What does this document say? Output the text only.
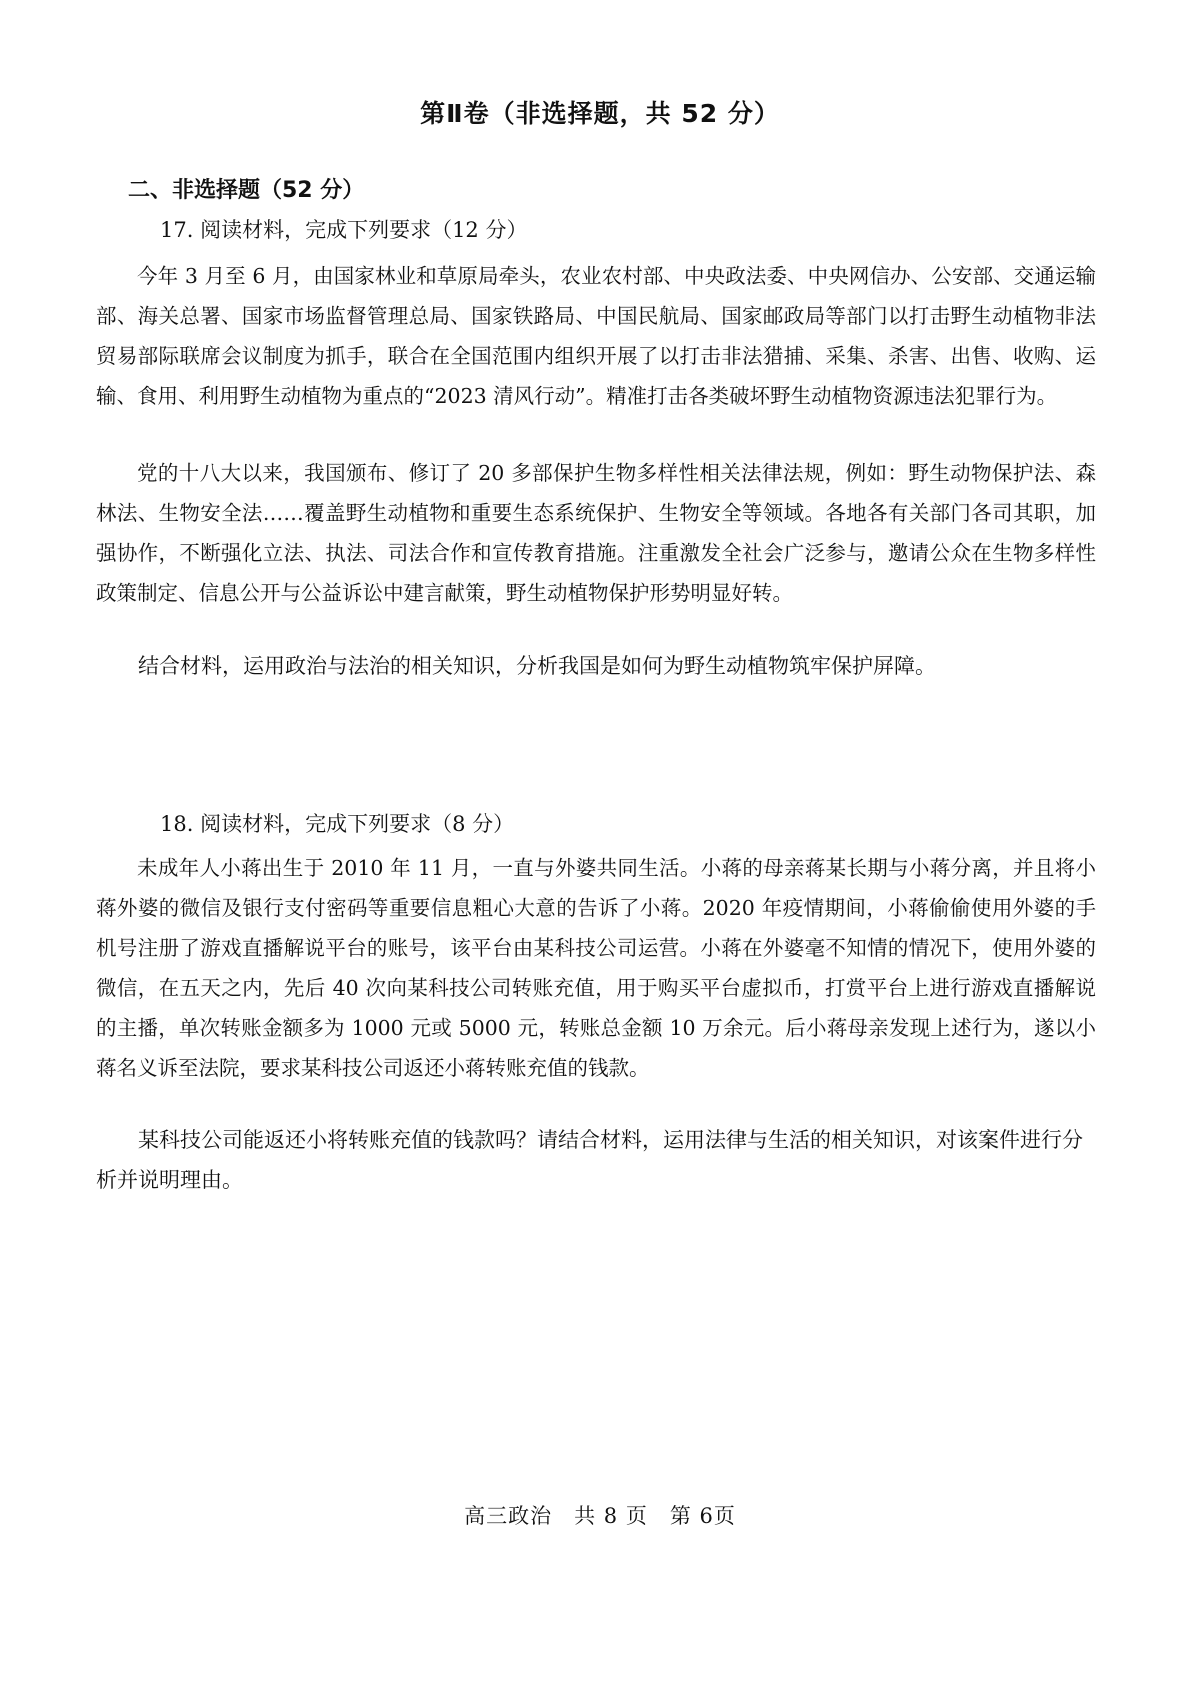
第Ⅱ卷（非选择题，共 52 分）
二、非选择题（52 分）
17. 阅读材料，完成下列要求（12 分）

今年 3 月至 6 月，由国家林业和草原局牵头，农业农村部、中央政法委、中央网信办、公安部、交通运输部、海关总署、国家市场监督管理总局、国家铁路局、中国民航局、国家邮政局等部门以打击野生动植物非法贸易部际联席会议制度为抓手，联合在全国范围内组织开展了以打击非法猎捕、采集、杀害、出售、收购、运输、食用、利用野生动植物为重点的“2023 清风行动”。精准打击各类破坏野生动植物资源违法犯罪行为。

党的十八大以来，我国颁布、修订了 20 多部保护生物多样性相关法律法规，例如：野生动物保护法、森林法、生物安全法……覆盖野生动植物和重要生态系统保护、生物安全等领域。各地各有关部门各司其职，加强协作，不断强化立法、执法、司法合作和宣传教育措施。注重激发全社会广泛参与，邀请公众在生物多样性政策制定、信息公开与公益诉讼中建言献策，野生动植物保护形势明显好转。

结合材料，运用政治与法治的相关知识，分析我国是如何为野生动植物筑牢保护屏障。

18. 阅读材料，完成下列要求（8 分）

未成年人小蒋出生于 2010 年 11 月，一直与外婆共同生活。小蒋的母亲蒋某长期与小蒋分离，并且将小蒋外婆的微信及银行支付密码等重要信息粗心大意的告诉了小蒋。2020 年疫情期间，小蒋偷偷使用外婆的手机号注册了游戏直播解说平台的账号，该平台由某科技公司运营。小蒋在外婆毫不知情的情况下，使用外婆的微信，在五天之内，先后 40 次向某科技公司转账充值，用于购买平台虚拟币，打赏平台上进行游戏直播解说的主播，单次转账金额多为 1000 元或 5000 元，转账总金额 10 万余元。后小蒋母亲发现上述行为，遂以小蒋名义诉至法院，要求某科技公司返还小蒋转账充值的钱款。

某科技公司能返还小将转账充值的钱款吗？请结合材料，运用法律与生活的相关知识，对该案件进行分析并说明理由。

高三政治　共 8 页　第 6页
